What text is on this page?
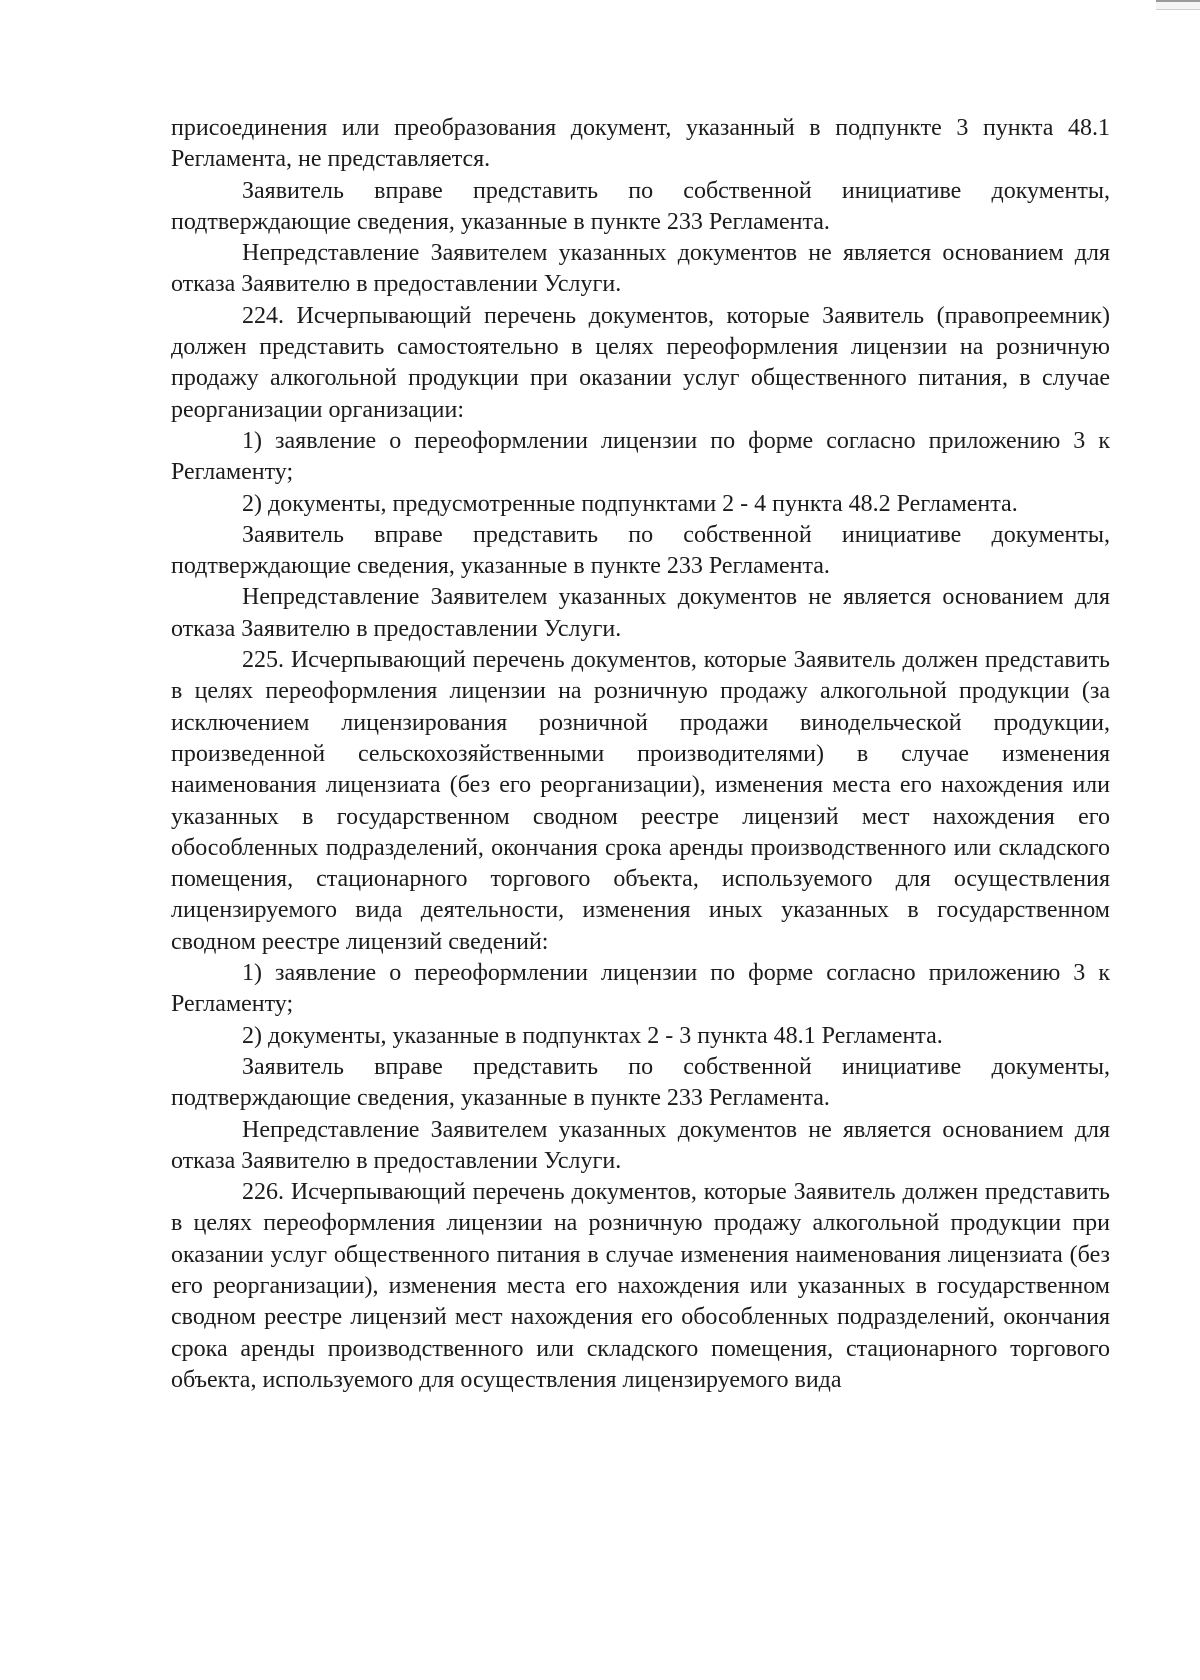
присоединения или преобразования документ, указанный в подпункте 3 пункта 48.1 Регламента, не представляется.

Заявитель вправе представить по собственной инициативе документы, подтверждающие сведения, указанные в пункте 233 Регламента.

Непредставление Заявителем указанных документов не является основанием для отказа Заявителю в предоставлении Услуги.

224. Исчерпывающий перечень документов, которые Заявитель (правопреемник) должен представить самостоятельно в целях переоформления лицензии на розничную продажу алкогольной продукции при оказании услуг общественного питания, в случае реорганизации организации:

1) заявление о переоформлении лицензии по форме согласно приложению 3 к Регламенту;

2) документы, предусмотренные подпунктами 2 - 4 пункта 48.2 Регламента.

Заявитель вправе представить по собственной инициативе документы, подтверждающие сведения, указанные в пункте 233 Регламента.

Непредставление Заявителем указанных документов не является основанием для отказа Заявителю в предоставлении Услуги.

225. Исчерпывающий перечень документов, которые Заявитель должен представить в целях переоформления лицензии на розничную продажу алкогольной продукции (за исключением лицензирования розничной продажи винодельческой продукции, произведенной сельскохозяйственными производителями) в случае изменения наименования лицензиата (без его реорганизации), изменения места его нахождения или указанных в государственном сводном реестре лицензий мест нахождения его обособленных подразделений, окончания срока аренды производственного или складского помещения, стационарного торгового объекта, используемого для осуществления лицензируемого вида деятельности, изменения иных указанных в государственном сводном реестре лицензий сведений:

1) заявление о переоформлении лицензии по форме согласно приложению 3 к Регламенту;

2) документы, указанные в подпунктах 2 - 3 пункта 48.1 Регламента.

Заявитель вправе представить по собственной инициативе документы, подтверждающие сведения, указанные в пункте 233 Регламента.

Непредставление Заявителем указанных документов не является основанием для отказа Заявителю в предоставлении Услуги.

226. Исчерпывающий перечень документов, которые Заявитель должен представить в целях переоформления лицензии на розничную продажу алкогольной продукции при оказании услуг общественного питания в случае изменения наименования лицензиата (без его реорганизации), изменения места его нахождения или указанных в государственном сводном реестре лицензий мест нахождения его обособленных подразделений, окончания срока аренды производственного или складского помещения, стационарного торгового объекта, используемого для осуществления лицензируемого вида
